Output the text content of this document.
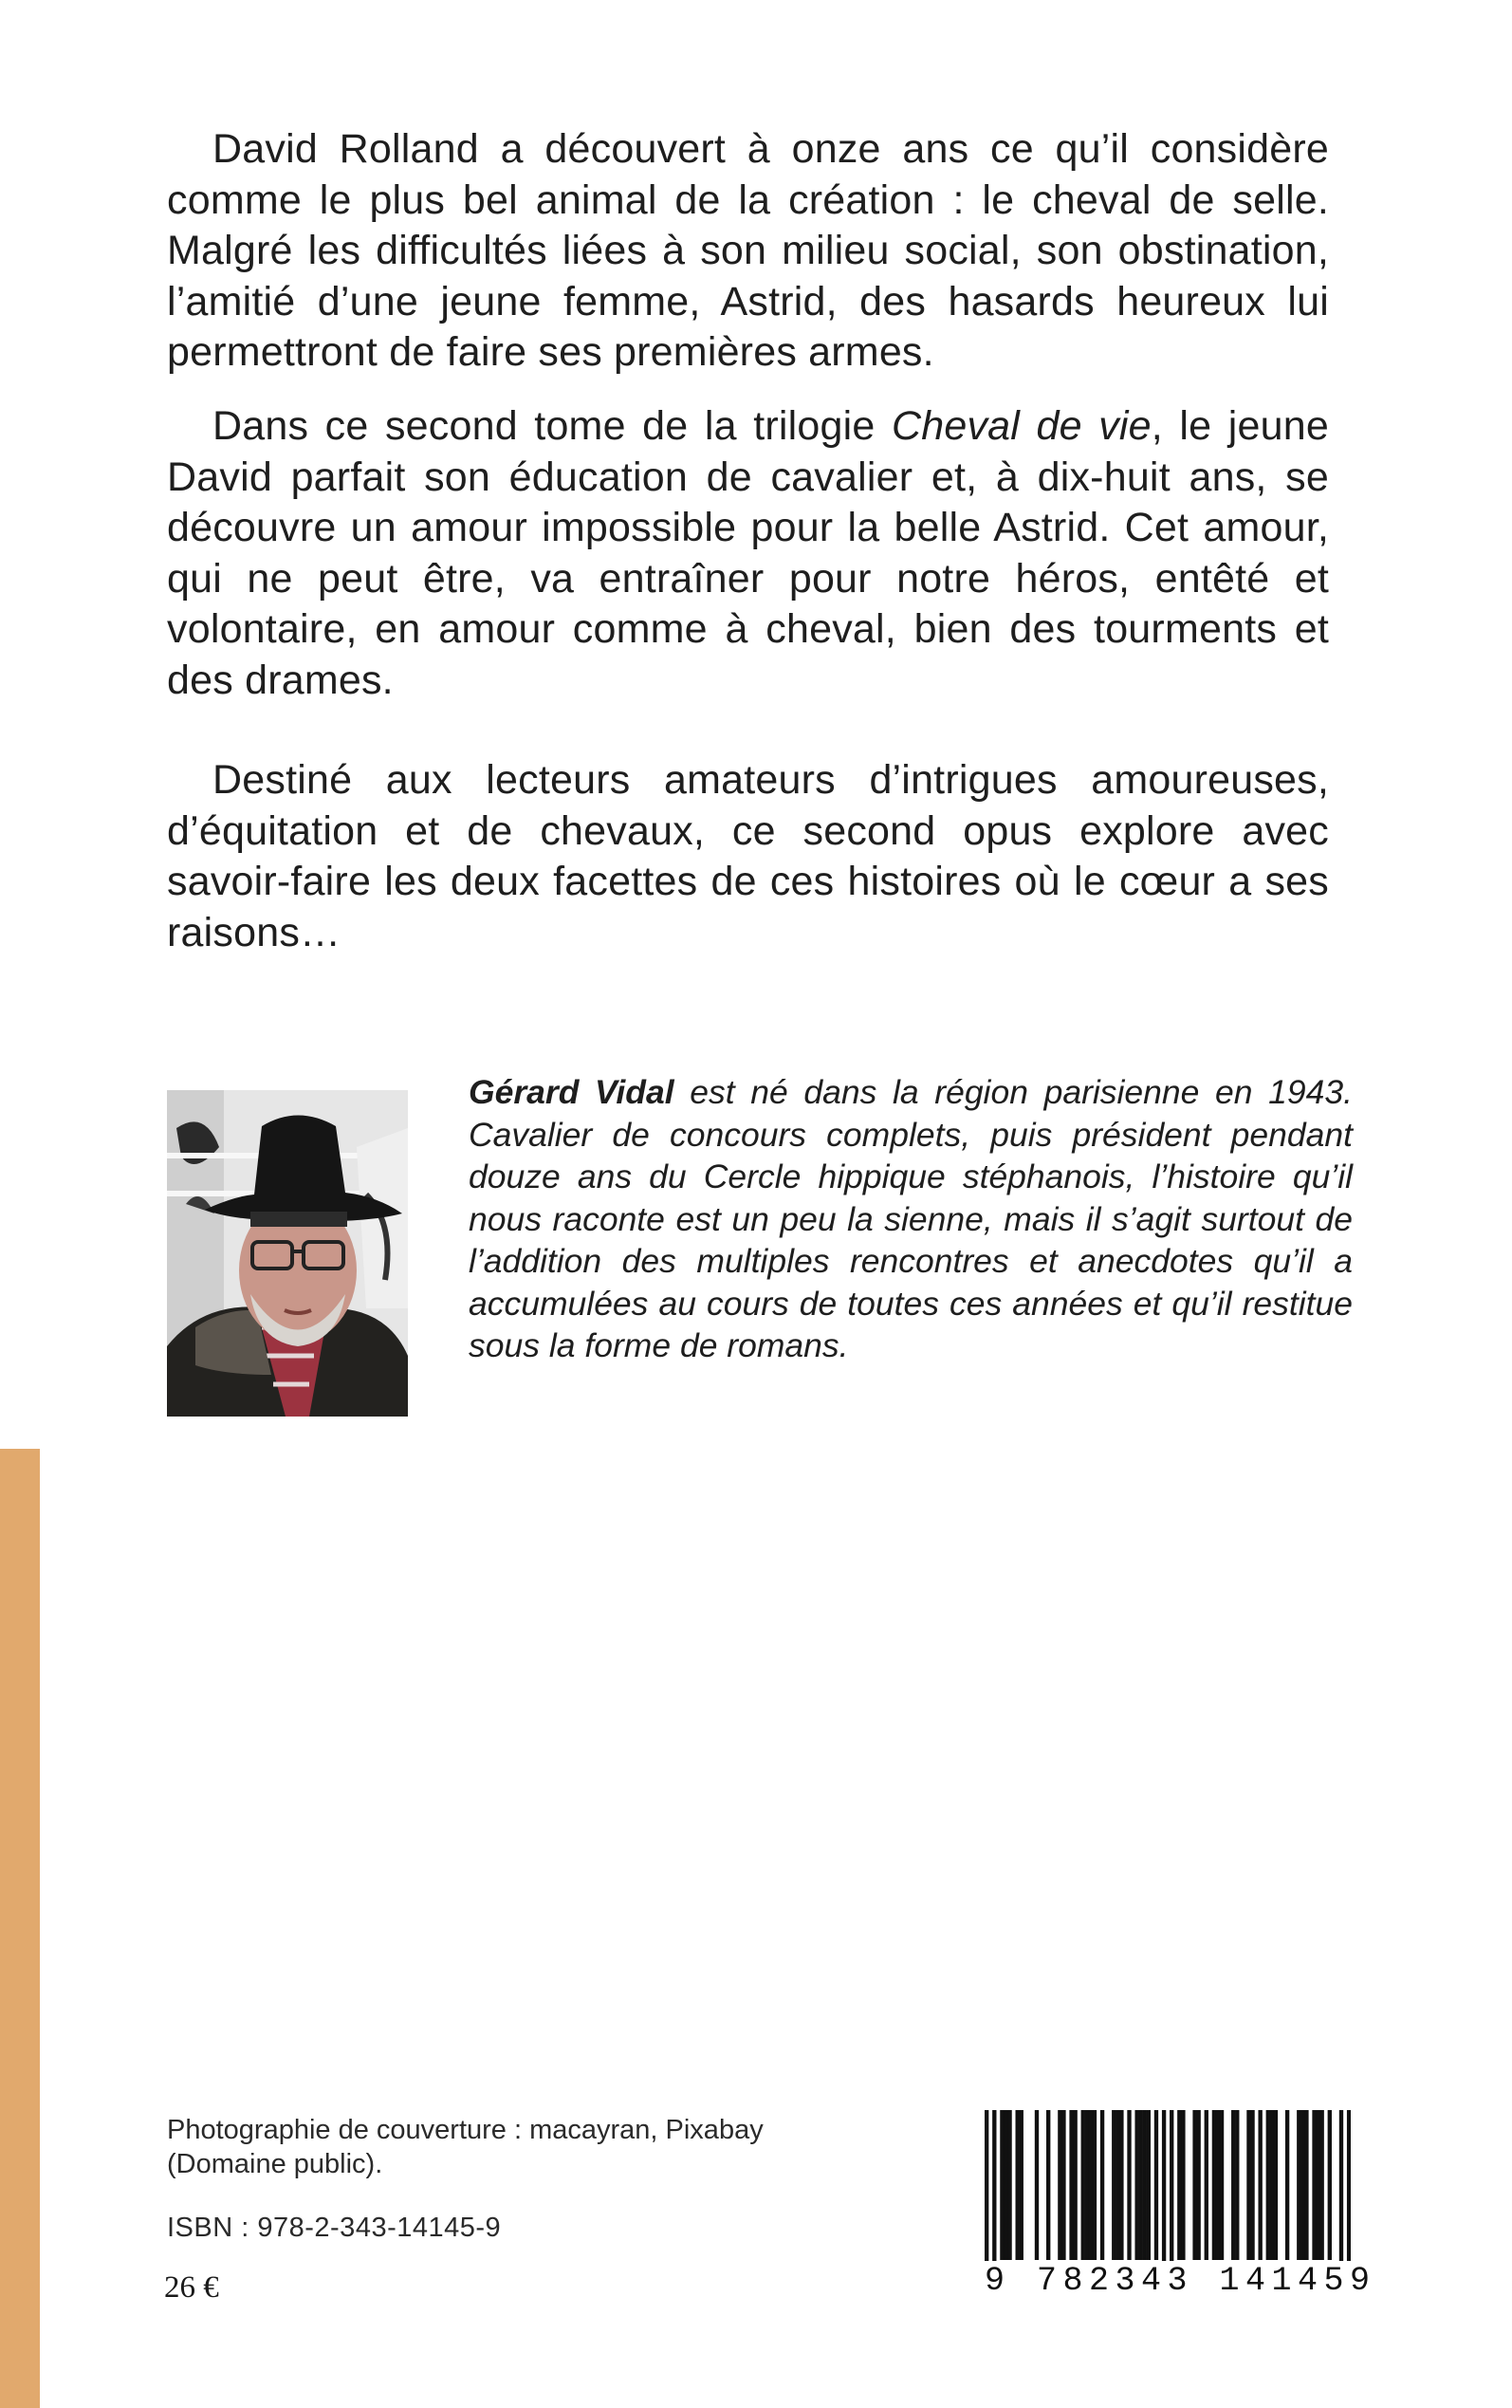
David Rolland a découvert à onze ans ce qu’il considère comme le plus bel animal de la création : le cheval de selle. Malgré les difficultés liées à son milieu social, son obstination, l’amitié d’une jeune femme, Astrid, des hasards heureux lui permettront de faire ses premières armes.

Dans ce second tome de la trilogie Cheval de vie, le jeune David parfait son éducation de cavalier et, à dix-huit ans, se découvre un amour impossible pour la belle Astrid. Cet amour, qui ne peut être, va entraîner pour notre héros, entêté et volontaire, en amour comme à cheval, bien des tourments et des drames.

Destiné aux lecteurs amateurs d’intrigues amoureuses, d’équitation et de chevaux, ce second opus explore avec savoir-faire les deux facettes de ces histoires où le cœur a ses raisons…

Gérard Vidal est né dans la région parisienne en 1943. Cavalier de concours complets, puis président pendant douze ans du Cercle hippique stéphanois, l’histoire qu’il nous raconte est un peu la sienne, mais il s’agit surtout de l’addition des multiples rencontres et anecdotes qu’il a accumulées au cours de toutes ces années et qu’il restitue sous la forme de romans.

Photographie de couverture : macayran, Pixabay (Domaine public).

ISBN : 978-2-343-14145-9
26 €	9 782343 141459
